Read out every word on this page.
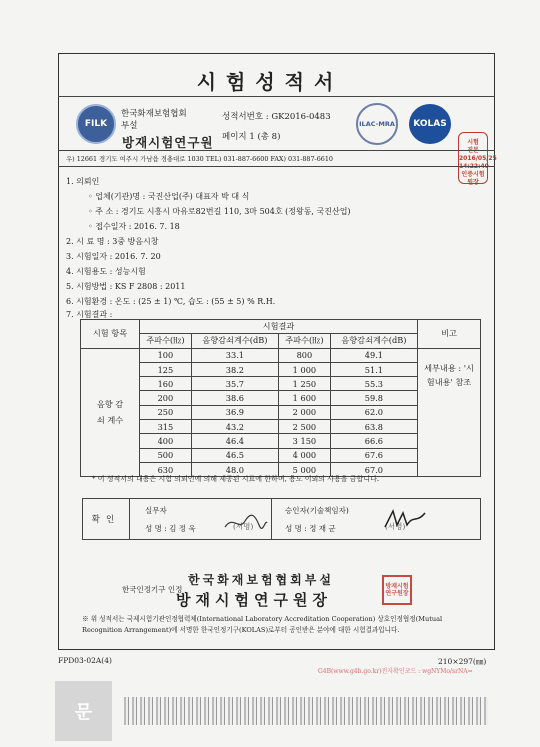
시험성적서
FILK
한국화재보험협회
부설
방재시험연구원
성적서번호 : GK2016-0483
페이지 1 (총 8)
ILAC-MRA	KOLAS
시험
진본
2016/05/25
14:22:40
인증시험원장
우) 12661 경기도 여주시 가남읍 경충대로 1030 TEL) 031-887-6600 FAX) 031-887-6610
1. 의뢰인
◦ 업체(기관)명 : 국진산업(주) 대표자 박 대 식
◦ 주 소 : 경기도 시흥시 마유로82번길 110, 3마 504호 (정왕동, 국진산업)
◦ 접수일자 : 2016. 7. 18
2. 시 료 명 : 3중 방음시창
3. 시험일자 : 2016. 7. 20
4. 시험용도 : 성능시험
5. 시험방법 : KS F 2808 : 2011
6. 시험환경 : 온도 : (25 ± 1) ℃, 습도 : (55 ± 5) % R.H.
7. 시험결과 :
시험 항목	시험결과				비고
	주파수(㎐)	음향감쇠계수(dB)	주파수(㎐)	음향감쇠계수(dB)	
음향 감쇠 계수	100	33.1	800	49.1	세부내용 : '시험내용' 참조
	125	38.2	1 000	51.1	
	160	35.7	1 250	55.3	
	200	38.6	1 600	59.8	
	250	36.9	2 000	62.0	
	315	43.2	2 500	63.8	
	400	46.4	3 150	66.6	
	500	46.5	4 000	67.6	
	630	48.0	5 000	67.0	
* 이 성적서의 내용은 시험 의뢰인에 의해 제공된 시료에 한하며, 용도 이외의 사용을 금합니다.
확인
실무자
성 명 : 김 정 욱	(서명)
승인자(기술책임자)
성 명 : 정 재 군	(서명)
한국화재보험협회부설
한국인정기구 인정
방재시험연구원장
방재시험연구원장
※ 위 성적서는 국제시험기관인정협력체(International Laboratory Accreditation Cooperation) 상호인정협정(Mutual Recognition Arrangement)에 서명한 한국인정기구(KOLAS)로부터 공인받은 분야에 대한 시험결과입니다.
FPD03-02A(4)	210×297(㎜)
G4B(www.g4b.go.kr)전자확인코드 : wgNYMo/srNA=
문
